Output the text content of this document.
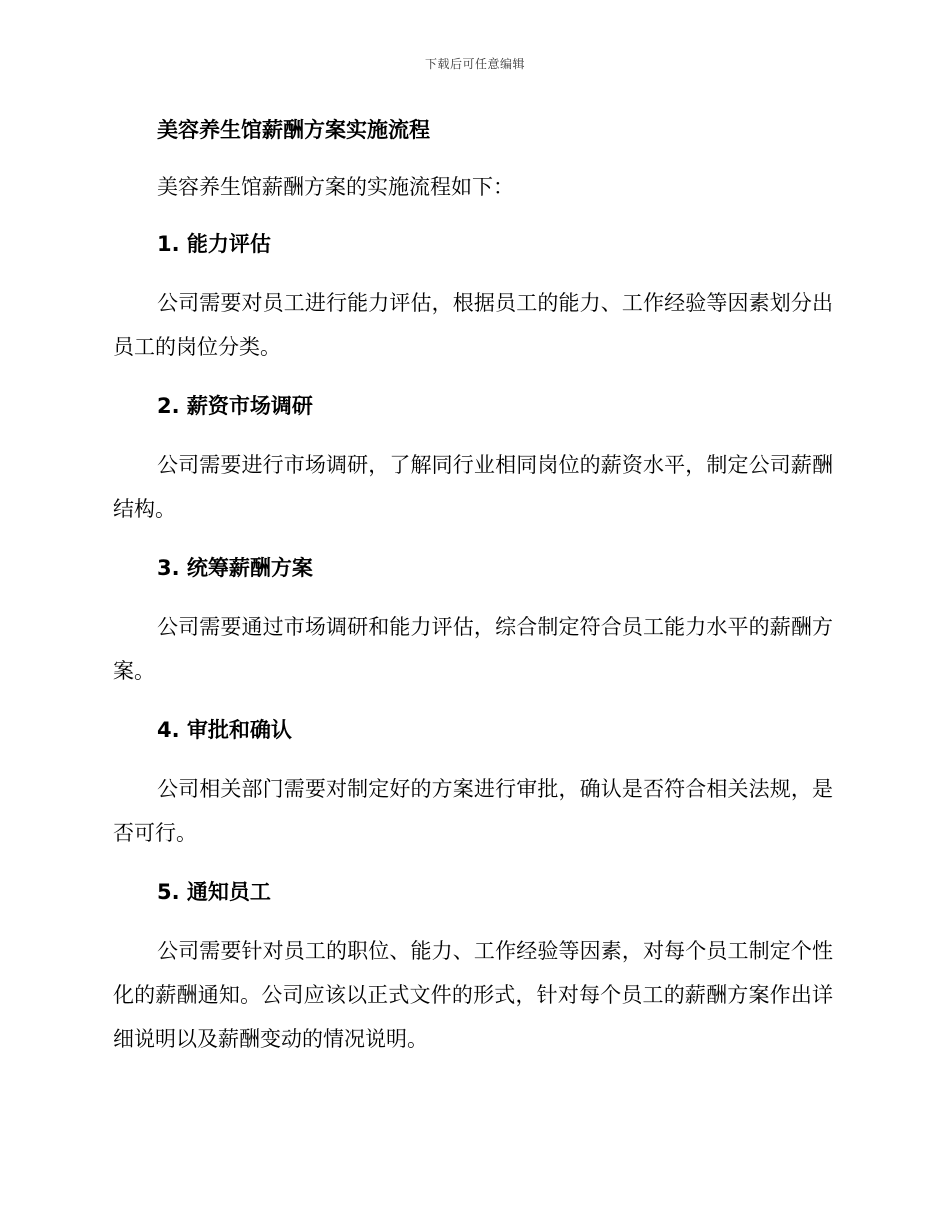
下载后可任意编辑
美容养生馆薪酬方案实施流程

美容养生馆薪酬方案的实施流程如下：

1. 能力评估

公司需要对员工进行能力评估，根据员工的能力、工作经验等因素划分出员工的岗位分类。

2. 薪资市场调研

公司需要进行市场调研，了解同行业相同岗位的薪资水平，制定公司薪酬结构。

3. 统筹薪酬方案

公司需要通过市场调研和能力评估，综合制定符合员工能力水平的薪酬方案。

4. 审批和确认

公司相关部门需要对制定好的方案进行审批，确认是否符合相关法规，是否可行。

5. 通知员工

公司需要针对员工的职位、能力、工作经验等因素，对每个员工制定个性化的薪酬通知。公司应该以正式文件的形式，针对每个员工的薪酬方案作出详细说明以及薪酬变动的情况说明。
